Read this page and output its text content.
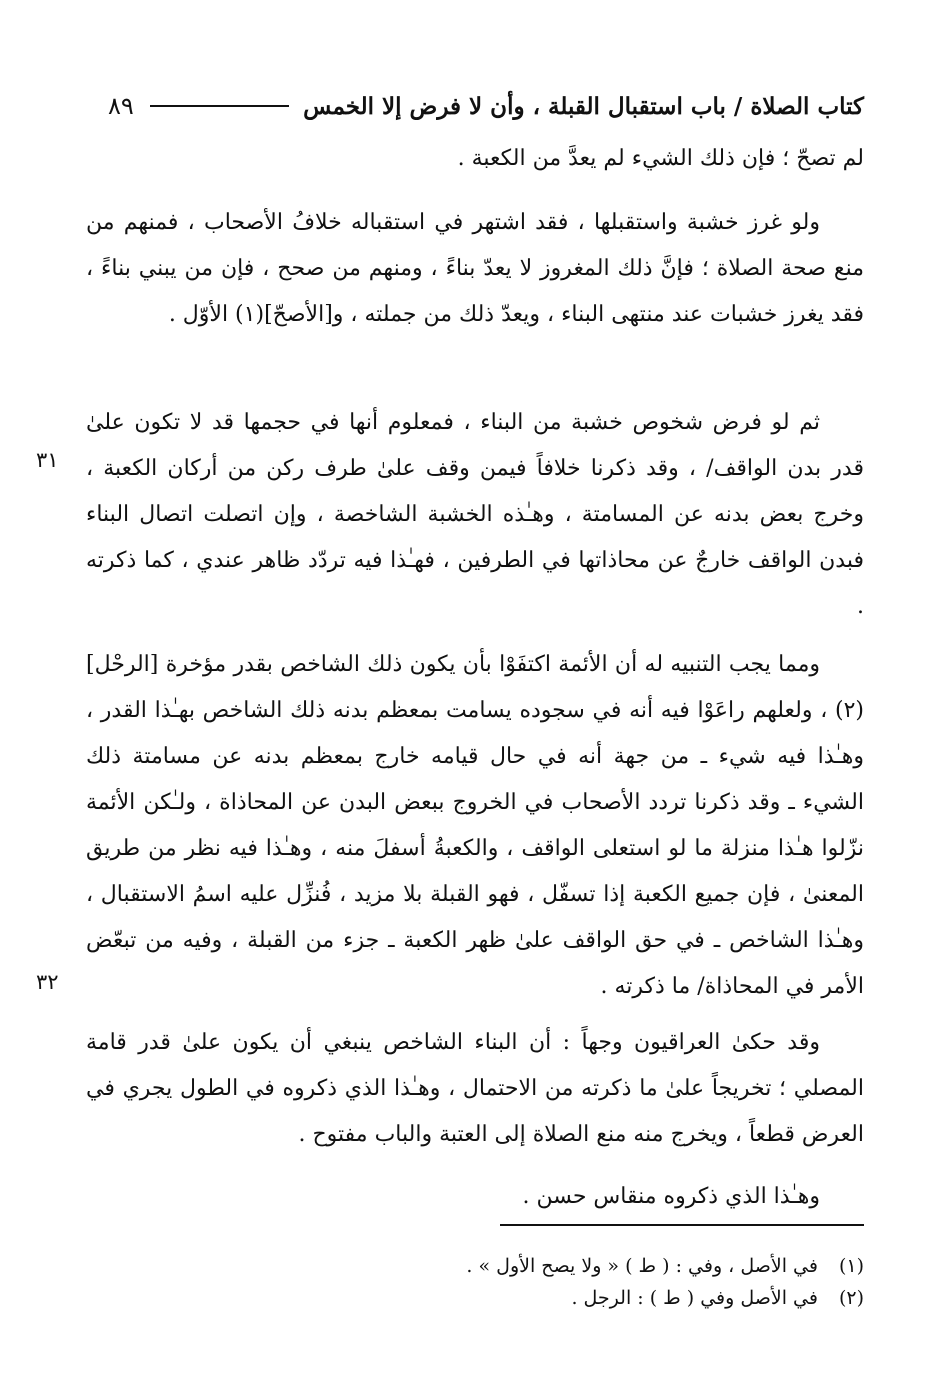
كتاب الصلاة / باب استقبال القبلة ، وأن لا فرض إلا الخمس
٨٩

لم تصحّ ؛ فإن ذلك الشيء لم يعدَّ من الكعبة .

ولو غرز خشبة واستقبلها ، فقد اشتهر في استقباله خلافُ الأصحاب ، فمنهم من منع صحة الصلاة ؛ فإنَّ ذلك المغروز لا يعدّ بناءً ، ومنهم من صحح ، فإن من يبني بناءً ، فقد يغرز خشبات عند منتهى البناء ، ويعدّ ذلك من جملته ، و[الأصحّ](١) الأوّل .

ثم لو فرض شخوص خشبة من البناء ، فمعلوم أنها في حجمها قد لا تكون علىٰ قدر بدن الواقف/ ، وقد ذكرنا خلافاً فيمن وقف علىٰ طرف ركن من أركان الكعبة ، وخرج بعض بدنه عن المسامتة ، وهـٰذه الخشبة الشاخصة ، وإن اتصلت اتصال البناء فبدن الواقف خارجٌ عن محاذاتها في الطرفين ، فهـٰذا فيه تردّد ظاهر عندي ، كما ذكرته .

ومما يجب التنبيه له أن الأئمة اكتفَوْا بأن يكون ذلك الشاخص بقدر مؤخرة [الرحْل](٢) ، ولعلهم راعَوْا فيه أنه في سجوده يسامت بمعظم بدنه ذلك الشاخص بهـٰذا القدر ، وهـٰذا فيه شيء ـ من جهة أنه في حال قيامه خارج بمعظم بدنه عن مسامتة ذلك الشيء ـ وقد ذكرنا تردد الأصحاب في الخروج ببعض البدن عن المحاذاة ، ولـٰكن الأئمة نزّلوا هـٰذا منزلة ما لو استعلى الواقف ، والكعبةُ أسفلَ منه ، وهـٰذا فيه نظر من طريق المعنىٰ ، فإن جميع الكعبة إذا تسفّل ، فهو القبلة بلا مزيد ، فُنزِّل عليه اسمُ الاستقبال ، وهـٰذا الشاخص ـ في حق الواقف علىٰ ظهر الكعبة ـ جزء من القبلة ، وفيه من تبعّض الأمر في المحاذاة/ ما ذكرته .

وقد حكىٰ العراقيون وجهاً : أن البناء الشاخص ينبغي أن يكون علىٰ قدر قامة المصلي ؛ تخريجاً علىٰ ما ذكرته من الاحتمال ، وهـٰذا الذي ذكروه في الطول يجري في العرض قطعاً ، ويخرج منه منع الصلاة إلى العتبة والباب مفتوح .

وهـٰذا الذي ذكروه منقاس حسن .

٣١
٣٢

(١) في الأصل ، وفي : ( ط ) « ولا يصح الأول » .

(٢) في الأصل وفي ( ط ) : الرجل .
